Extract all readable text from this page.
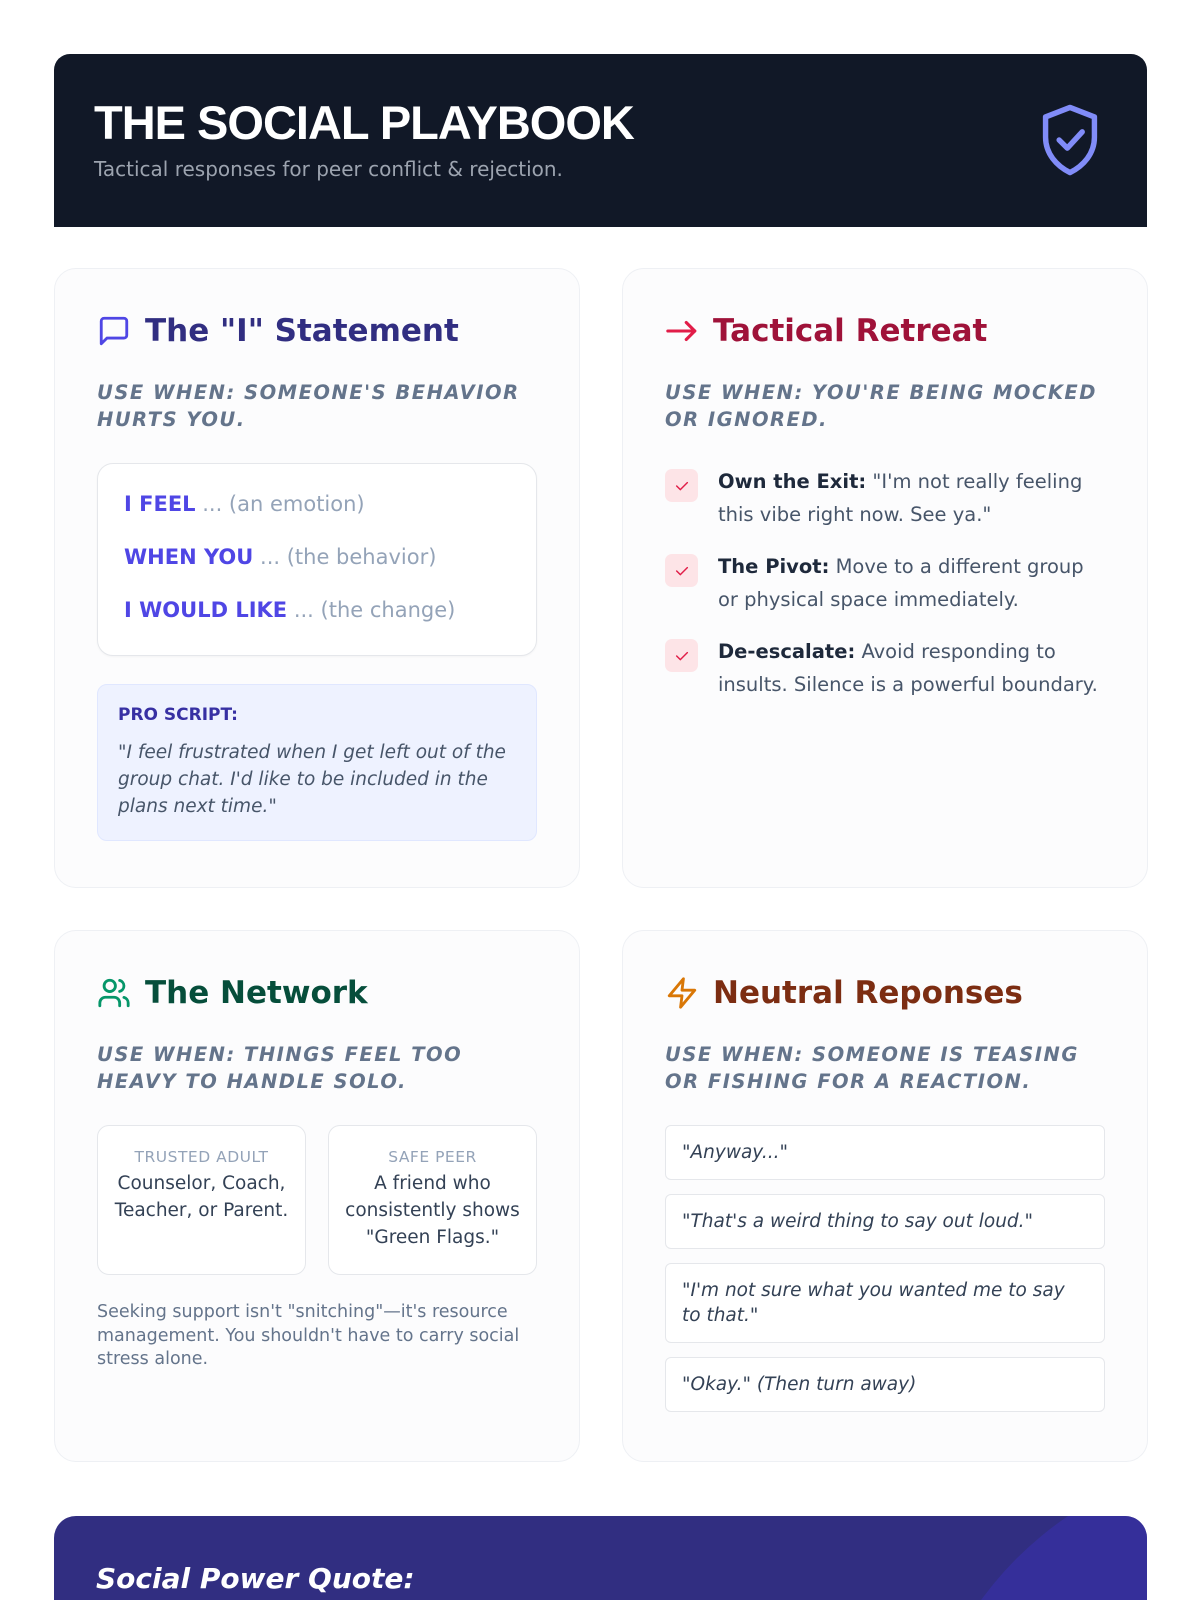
THE SOCIAL PLAYBOOK
Tactical responses for peer conflict & rejection.
The "I" Statement
USE WHEN: SOMEONE'S BEHAVIOR HURTS YOU.
I FEEL ... (an emotion)
WHEN YOU ... (the behavior)
I WOULD LIKE ... (the change)
PRO SCRIPT:
"I feel frustrated when I get left out of the group chat. I'd like to be included in the plans next time."
Tactical Retreat
USE WHEN: YOU'RE BEING MOCKED OR IGNORED.
Own the Exit: "I'm not really feeling this vibe right now. See ya."
The Pivot: Move to a different group or physical space immediately.
De-escalate: Avoid responding to insults. Silence is a powerful boundary.
The Network
USE WHEN: THINGS FEEL TOO HEAVY TO HANDLE SOLO.
TRUSTED ADULT
Counselor, Coach, Teacher, or Parent.
SAFE PEER
A friend who consistently shows "Green Flags."
Seeking support isn't "snitching"—it's resource management. You shouldn't have to carry social stress alone.
Neutral Reponses
USE WHEN: SOMEONE IS TEASING OR FISHING FOR A REACTION.
"Anyway..."
"That's a weird thing to say out loud."
"I'm not sure what you wanted me to say to that."
"Okay." (Then turn away)
Social Power Quote:
